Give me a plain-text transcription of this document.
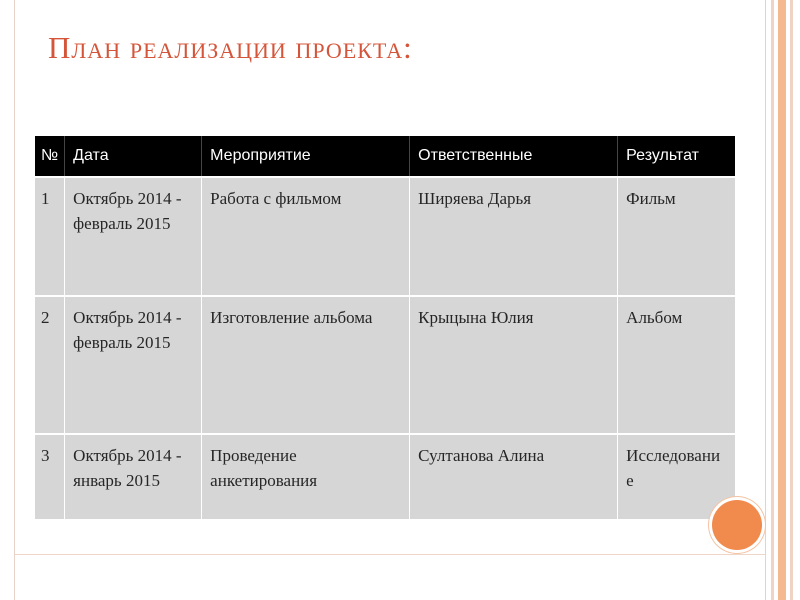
План реализации проекта:
№	Дата	Мероприятие	Ответственные	Результат
1	Октябрь 2014 - февраль 2015	Работа с фильмом	Ширяева Дарья	Фильм
2	Октябрь 2014 - февраль 2015	Изготовление альбома	Крыцына Юлия	Альбом
3	Октябрь 2014 - январь 2015	Проведение анкетирования	Султанова Алина	Исследование
